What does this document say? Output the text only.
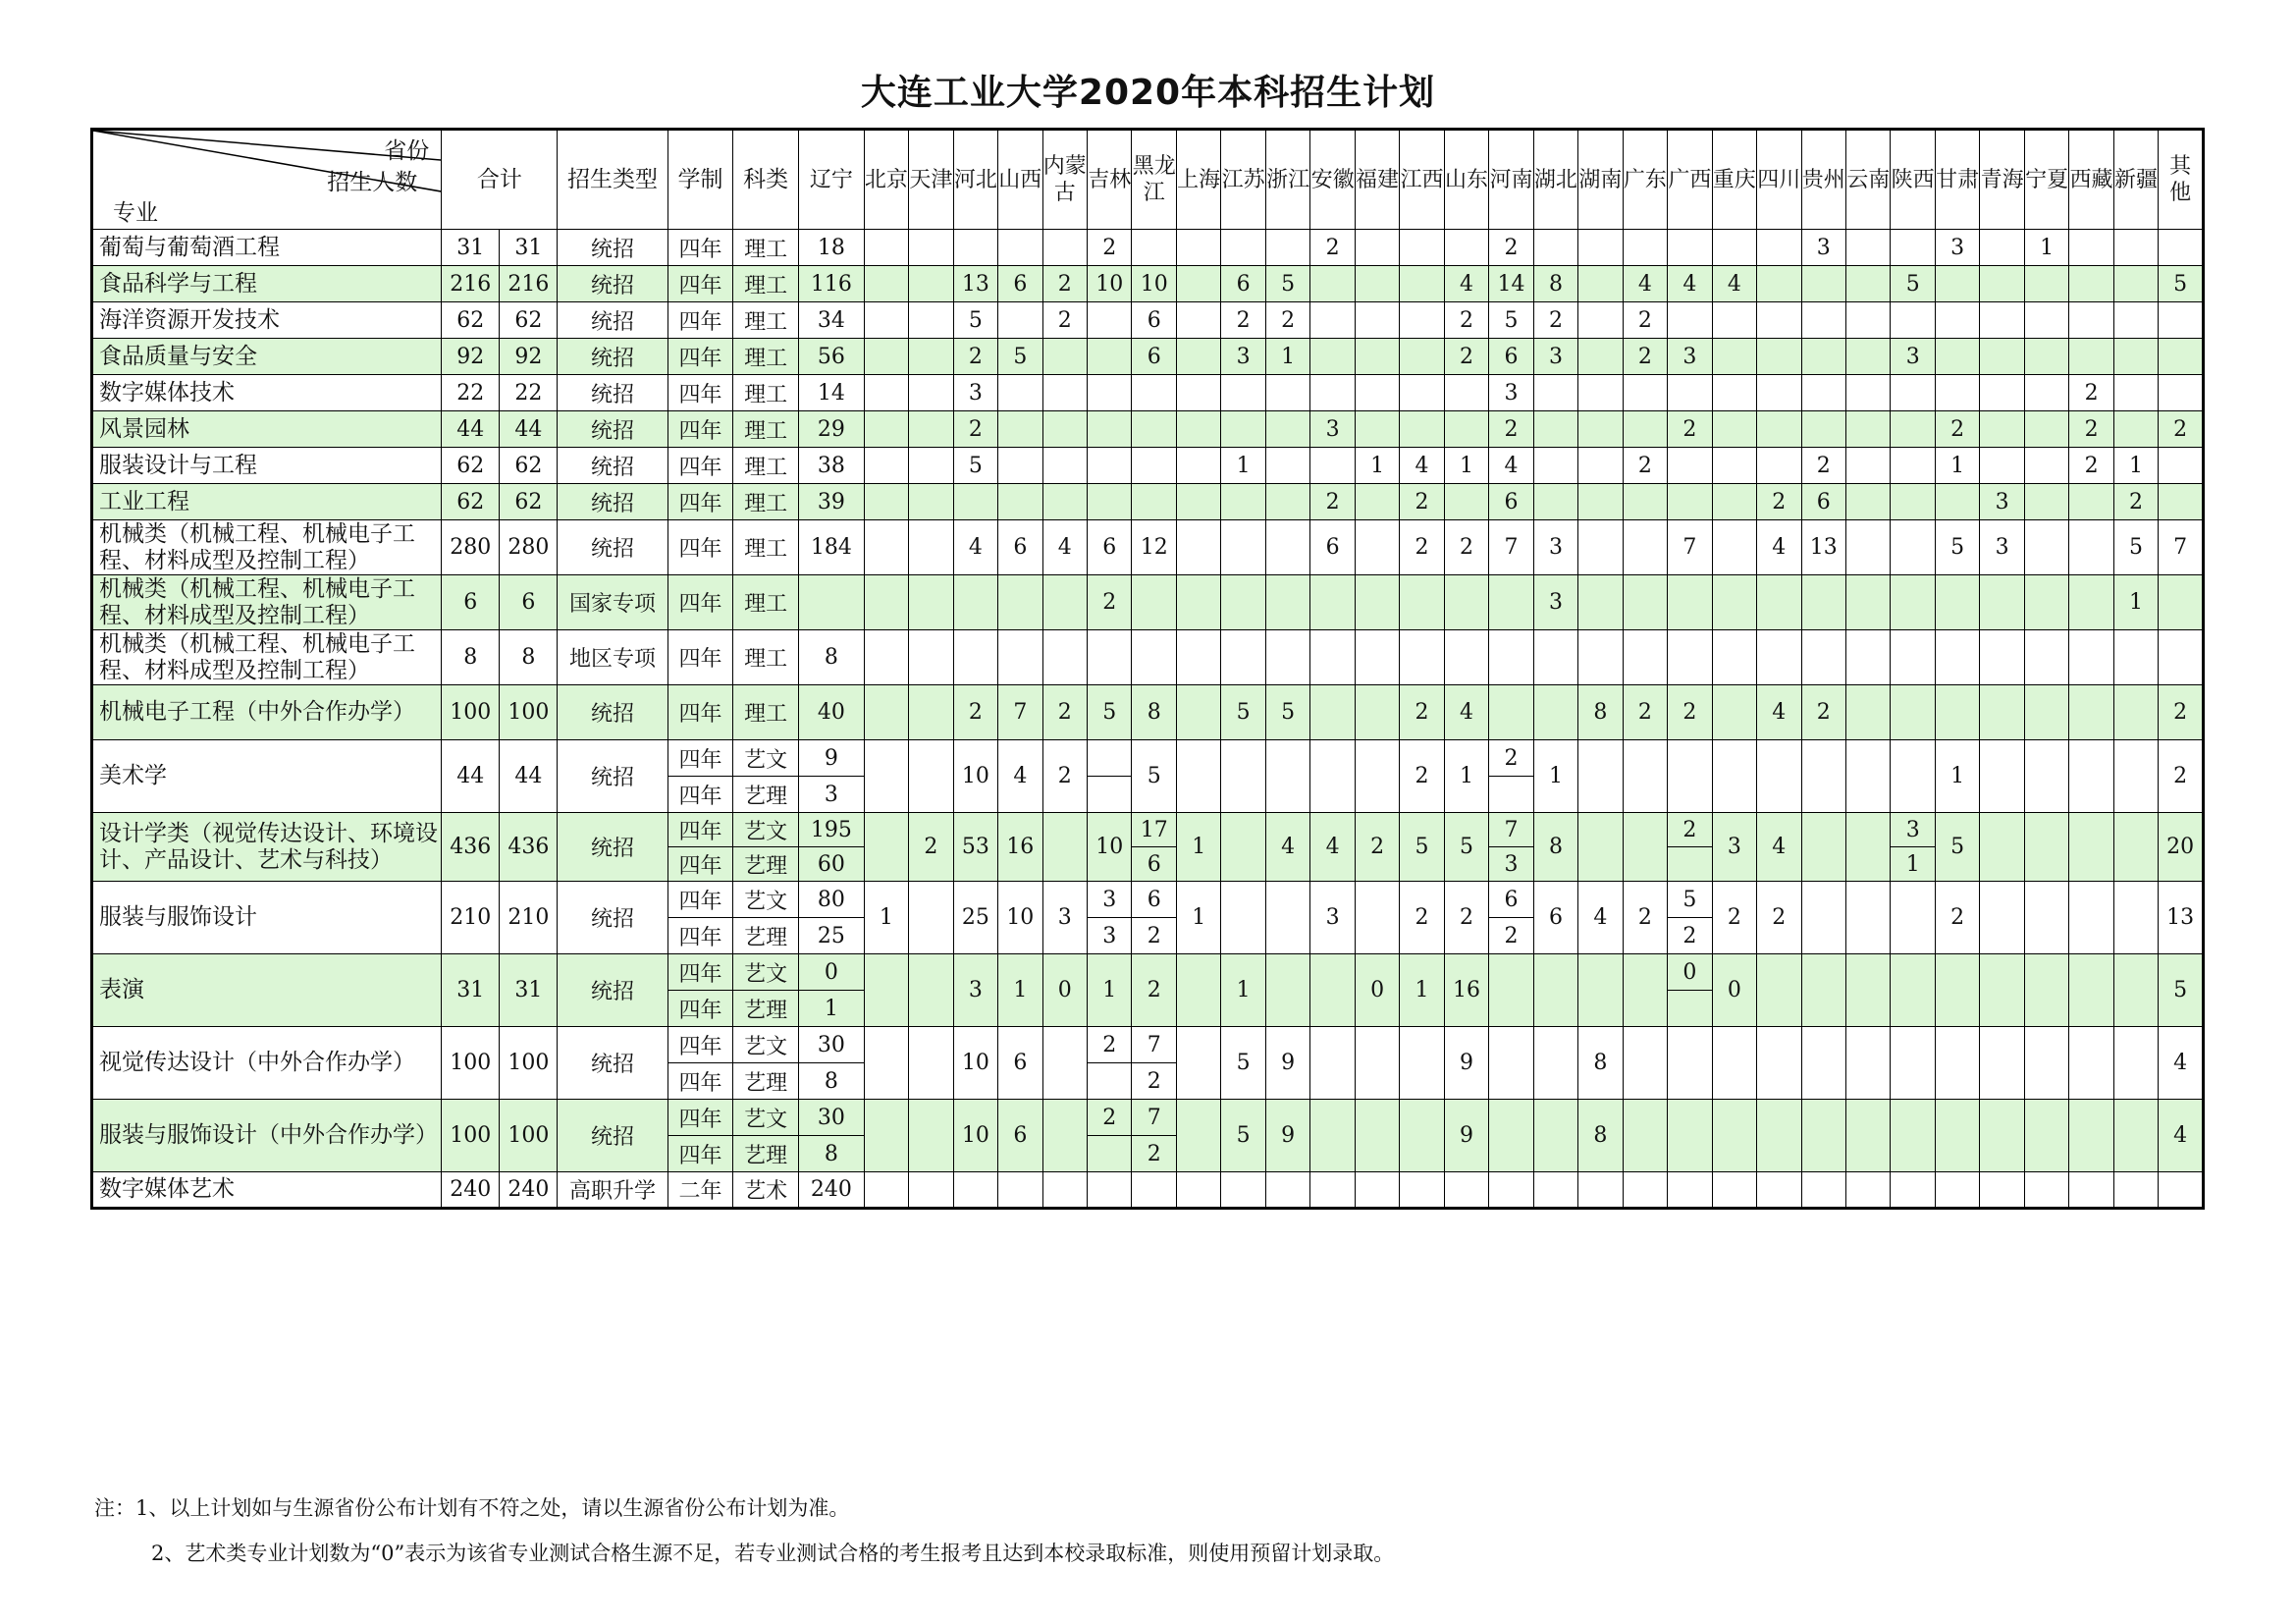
大连工业大学2020年本科招生计划
省份
招生人数
专业	合计		招生类型	学制	科类	辽宁	北京	天津	河北	山西	内蒙古	吉林	黑龙江	上海	江苏	浙江	安徽	福建	江西	山东	河南	湖北	湖南	广东	广西	重庆	四川	贵州	云南	陕西	甘肃	青海	宁夏	西藏	新疆	其他
葡萄与葡萄酒工程	31	31	统招	四年	理工	18						2					2				2							3			3		1			
食品科学与工程	216	216	统招	四年	理工	116			13	6	2	10	10		6	5				4	14	8		4	4	4				5						5
海洋资源开发技术	62	62	统招	四年	理工	34			5		2		6		2	2				2	5	2		2												
食品质量与安全	92	92	统招	四年	理工	56			2	5			6		3	1				2	6	3		2	3					3						
数字媒体技术	22	22	统招	四年	理工	14			3												3													2		
风景园林	44	44	统招	四年	理工	29			2								3				2				2						2			2		2
服装设计与工程	62	62	统招	四年	理工	38			5						1			1	4	1	4			2				2			1			2	1	
工业工程	62	62	统招	四年	理工	39											2		2		6						2	6				3			2	
机械类（机械工程、机械电子工程、材料成型及控制工程）	280	280	统招	四年	理工	184			4	6	4	6	12				6		2	2	7	3			7		4	13			5	3			5	7
机械类（机械工程、机械电子工程、材料成型及控制工程）	6	6	国家专项	四年	理工							2										3													1	
机械类（机械工程、机械电子工程、材料成型及控制工程）	8	8	地区专项	四年	理工	8																														
机械电子工程（中外合作办学）	100	100	统招	四年	理工	40			2	7	2	5	8		5	5			2	4			8	2	2		4	2								2
美术学	44	44	统招	四年	艺文	9			10	4	2		5						2	1	2	1									1					2
				四年	艺理	3																														
设计学类（视觉传达设计、环境设计、产品设计、艺术与科技）	436	436	统招	四年	艺文	195		2	53	16		10	17	1		4	4	2	5	5	7	8			2	3	4			3	5					20
				四年	艺理	60							6								3									1						
服装与服饰设计	210	210	统招	四年	艺文	80	1		25	10	3	3	6	1			3		2	2	6	6	4	2	5	2	2				2					13
				四年	艺理	25						3	2								2				2											
表演	31	31	统招	四年	艺文	0			3	1	0	1	2		1			0	1	16					0	0										5
				四年	艺理	1																														
视觉传达设计（中外合作办学）	100	100	统招	四年	艺文	30			10	6		2	7		5	9				9			8													4
				四年	艺理	8							2																							
服装与服饰设计（中外合作办学）	100	100	统招	四年	艺文	30			10	6		2	7		5	9				9			8													4
				四年	艺理	8							2																							
数字媒体艺术	240	240	高职升学	二年	艺术	240																														
注：1、以上计划如与生源省份公布计划有不符之处，请以生源省份公布计划为准。
2、艺术类专业计划数为“0”表示为该省专业测试合格生源不足，若专业测试合格的考生报考且达到本校录取标准，则使用预留计划录取。
